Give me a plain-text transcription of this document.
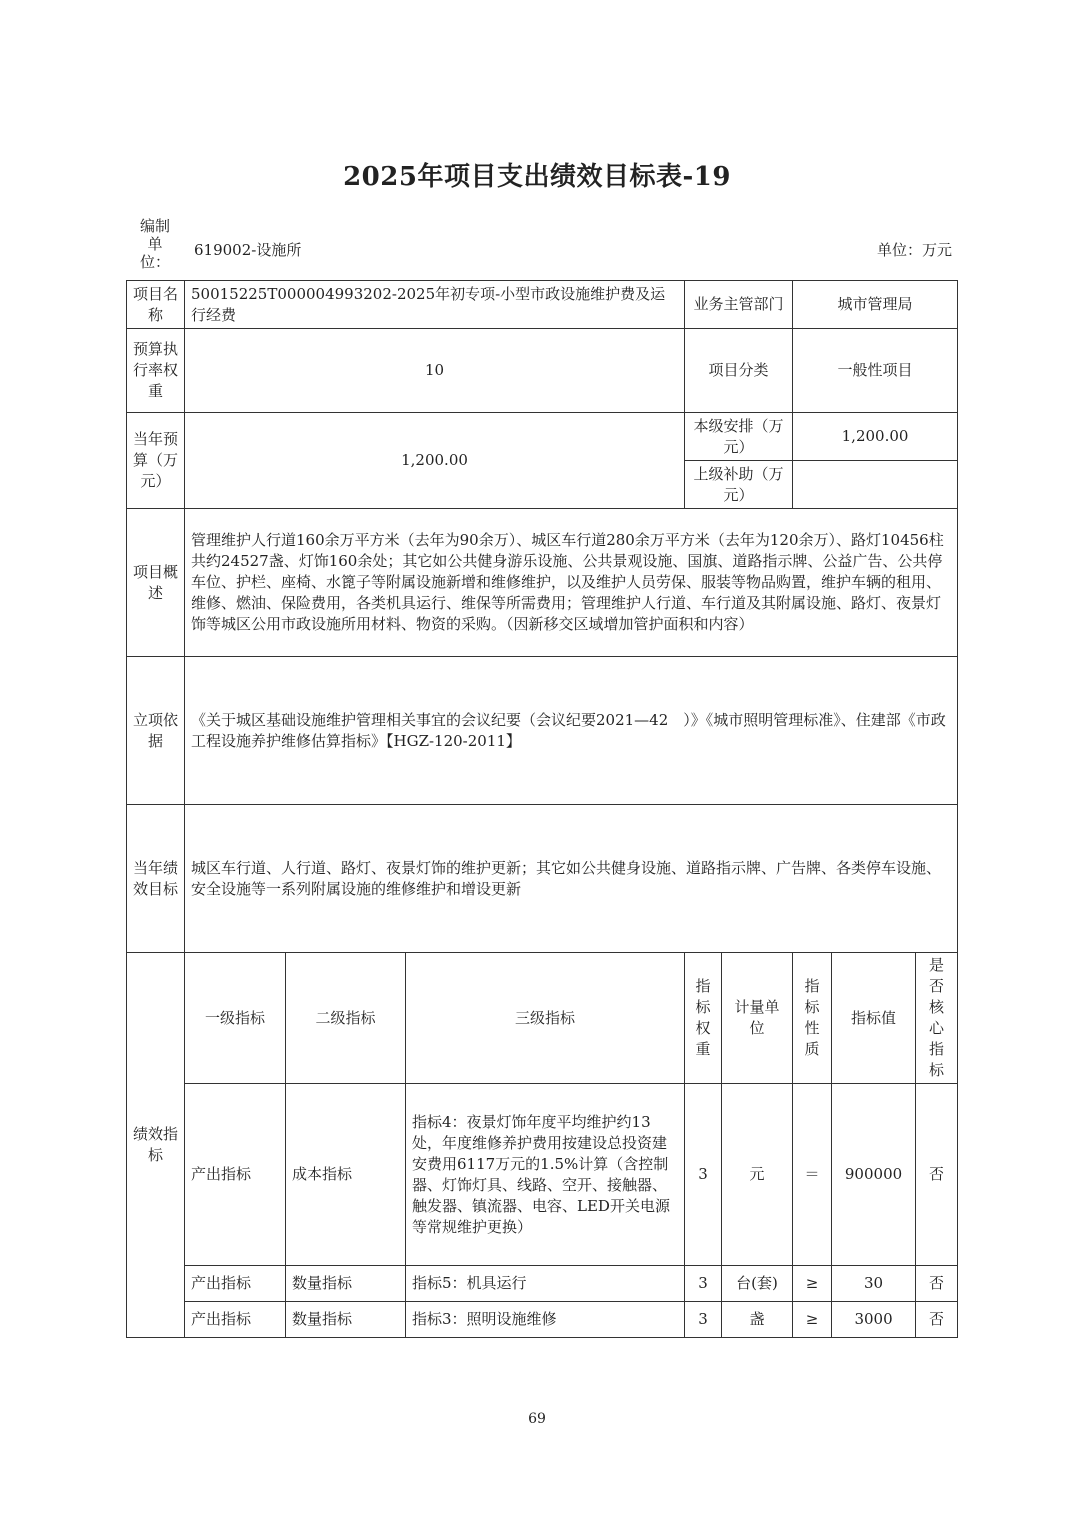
2025年项目支出绩效目标表-19
编制单位：
619002-设施所	单位：万元
项目名称	50015225T000004993202-2025年初专项-小型市政设施维护费及运行经费			业务主管部门		城市管理局		
预算执行率权重	10			项目分类		一般性项目		
当年预算（万元）	1,200.00			本级安排（万元）		1,200.00		
				上级补助（万元）				
项目概述	管理维护人行道160余万平方米（去年为90余万）、城区车行道280余万平方米（去年为120余万）、路灯10456柱共约24527盏、灯饰160余处；其它如公共健身游乐设施、公共景观设施、国旗、道路指示牌、公益广告、公共停车位、护栏、座椅、水篦子等附属设施新增和维修维护，以及维护人员劳保、服装等物品购置，维护车辆的租用、维修、燃油、保险费用，各类机具运行、维保等所需费用；管理维护人行道、车行道及其附属设施、路灯、夜景灯饰等城区公用市政设施所用材料、物资的采购。（因新移交区域增加管护面积和内容）							
立项依据	《关于城区基础设施维护管理相关事宜的会议纪要（会议纪要2021—42　）》《城市照明管理标准》、住建部《市政工程设施养护维修估算指标》【HGZ-120-2011】							
当年绩效目标	城区车行道、人行道、路灯、夜景灯饰的维护更新；其它如公共健身设施、道路指示牌、广告牌、各类停车设施、安全设施等一系列附属设施的维修维护和增设更新							
绩效指标	一级指标	二级指标	三级指标	指标权重	计量单位	指标性质	指标值	是否核心指标
	产出指标	成本指标	指标4：夜景灯饰年度平均维护约13处，年度维修养护费用按建设总投资建安费用6117万元的1.5%计算（含控制器、灯饰灯具、线路、空开、接触器、触发器、镇流器、电容、LED开关电源等常规维护更换）	3	元	＝	900000	否
	产出指标	数量指标	指标5：机具运行	3	台(套)	≥	30	否
	产出指标	数量指标	指标3：照明设施维修	3	盏	≥	3000	否
69
